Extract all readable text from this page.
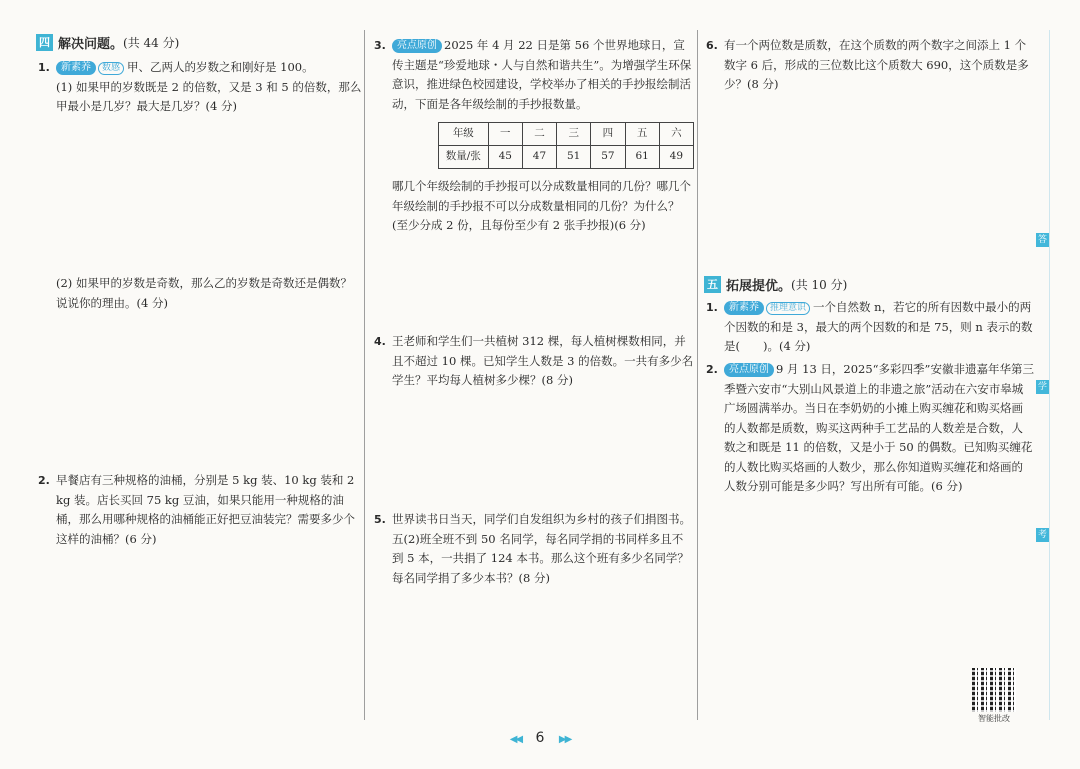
四 解决问题。 (共 44 分)
1.	新素养 数感 甲、乙两人的岁数之和刚好是 100。
(1) 如果甲的岁数既是 2 的倍数，又是 3 和 5 的倍数，那么甲最小是几岁？最大是几岁？(4 分)
(2) 如果甲的岁数是奇数，那么乙的岁数是奇数还是偶数？说说你的理由。(4 分)
2. 早餐店有三种规格的油桶，分别是 5 kg 装、10 kg 装和 2 kg 装。店长买回 75 kg 豆油，如果只能用一种规格的油桶，那么用哪种规格的油桶能正好把豆油装完？需要多少个这样的油桶？(6 分)
3.	亮点原创 2025 年 4 月 22 日是第 56 个世界地球日，宣传主题是“珍爱地球・人与自然和谐共生”。为增强学生环保意识，推进绿色校园建设，学校举办了相关的手抄报绘制活动，下面是各年级绘制的手抄报数量。
年级	一	二	三	四	五	六
数量/张	45	47	51	57	61	49
哪几个年级绘制的手抄报可以分成数量相同的几份？哪几个年级绘制的手抄报不可以分成数量相同的几份？为什么？(至少分成 2 份，且每份至少有 2 张手抄报)(6 分)
4. 王老师和学生们一共植树 312 棵，每人植树棵数相同，并且不超过 10 棵。已知学生人数是 3 的倍数。一共有多少名学生？平均每人植树多少棵？(8 分)
5. 世界读书日当天，同学们自发组织为乡村的孩子们捐图书。五(2)班全班不到 50 名同学，每名同学捐的书同样多且不到 5 本，一共捐了 124 本书。那么这个班有多少名同学？每名同学捐了多少本书？(8 分)
6. 有一个两位数是质数，在这个质数的两个数字之间添上 1 个数字 6 后，形成的三位数比这个质数大 690，这个质数是多少？(8 分)
五 拓展提优。 (共 10 分)
1.	新素养 推理意识 一个自然数 n，若它的所有因数中最小的两个因数的和是 3，最大的两个因数的和是 75，则 n 表示的数是(　　)。(4 分)
2.	亮点原创 9 月 13 日，2025“多彩四季”安徽非遗嘉年华第三季暨六安市“大别山风景道上的非遗之旅”活动在六安市皋城广场圆满举办。当日在李奶奶的小摊上购买缠花和购买烙画的人数都是质数，购买这两种手工艺品的人数差是合数，人数之和既是 11 的倍数，又是小于 50 的偶数。已知购买缠花的人数比购买烙画的人数少，那么你知道购买缠花和烙画的人数分别可能是多少吗？写出所有可能。(6 分)
答
学
考
智能批改
◀◀ 6 ▶▶
